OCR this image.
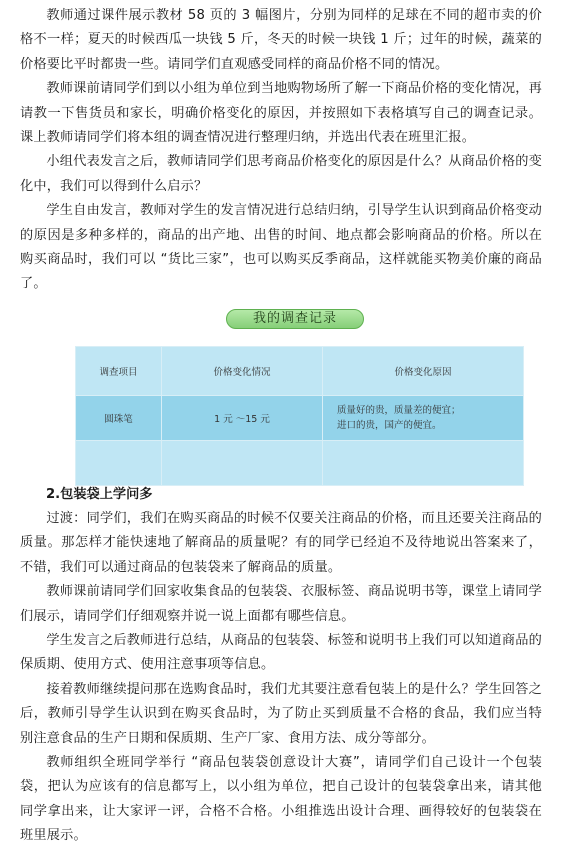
教师通过课件展示教材 58 页的 3 幅图片，分别为同样的足球在不同的超市卖的价格不一样；夏天的时候西瓜一块钱 5 斤，冬天的时候一块钱 1 斤；过年的时候，蔬菜的价格要比平时都贵一些。请同学们直观感受同样的商品价格不同的情况。

教师课前请同学们到以小组为单位到当地购物场所了解一下商品价格的变化情况，再请教一下售货员和家长，明确价格变化的原因，并按照如下表格填写自己的调查记录。课上教师请同学们将本组的调查情况进行整理归纳，并选出代表在班里汇报。

小组代表发言之后，教师请同学们思考商品价格变化的原因是什么？从商品价格的变化中，我们可以得到什么启示？

学生自由发言，教师对学生的发言情况进行总结归纳，引导学生认识到商品价格变动的原因是多种多样的，商品的出产地、出售的时间、地点都会影响商品的价格。所以在购买商品时，我们可以 “货比三家”，也可以购买反季商品，这样就能买物美价廉的商品了。

我的调查记录
调查项目	价格变化情况	价格变化原因
圆珠笔	1 元 ～15 元	质量好的贵，质量差的便宜；
进口的贵，国产的便宜。

2.包装袋上学问多

过渡：同学们，我们在购买商品的时候不仅要关注商品的价格，而且还要关注商品的质量。那怎样才能快速地了解商品的质量呢？有的同学已经迫不及待地说出答案来了，不错，我们可以通过商品的包装袋来了解商品的质量。

教师课前请同学们回家收集食品的包装袋、衣服标签、商品说明书等，课堂上请同学们展示，请同学们仔细观察并说一说上面都有哪些信息。

学生发言之后教师进行总结，从商品的包装袋、标签和说明书上我们可以知道商品的保质期、使用方式、使用注意事项等信息。

接着教师继续提问那在选购食品时，我们尤其要注意看包装上的是什么？学生回答之后，教师引导学生认识到在购买食品时，为了防止买到质量不合格的食品，我们应当特别注意食品的生产日期和保质期、生产厂家、食用方法、成分等部分。

教师组织全班同学举行 “商品包装袋创意设计大赛”，请同学们自己设计一个包装袋，把认为应该有的信息都写上，以小组为单位，把自己设计的包装袋拿出来，请其他同学拿出来，让大家评一评，合格不合格。小组推选出设计合理、画得较好的包装袋在班里展示。
